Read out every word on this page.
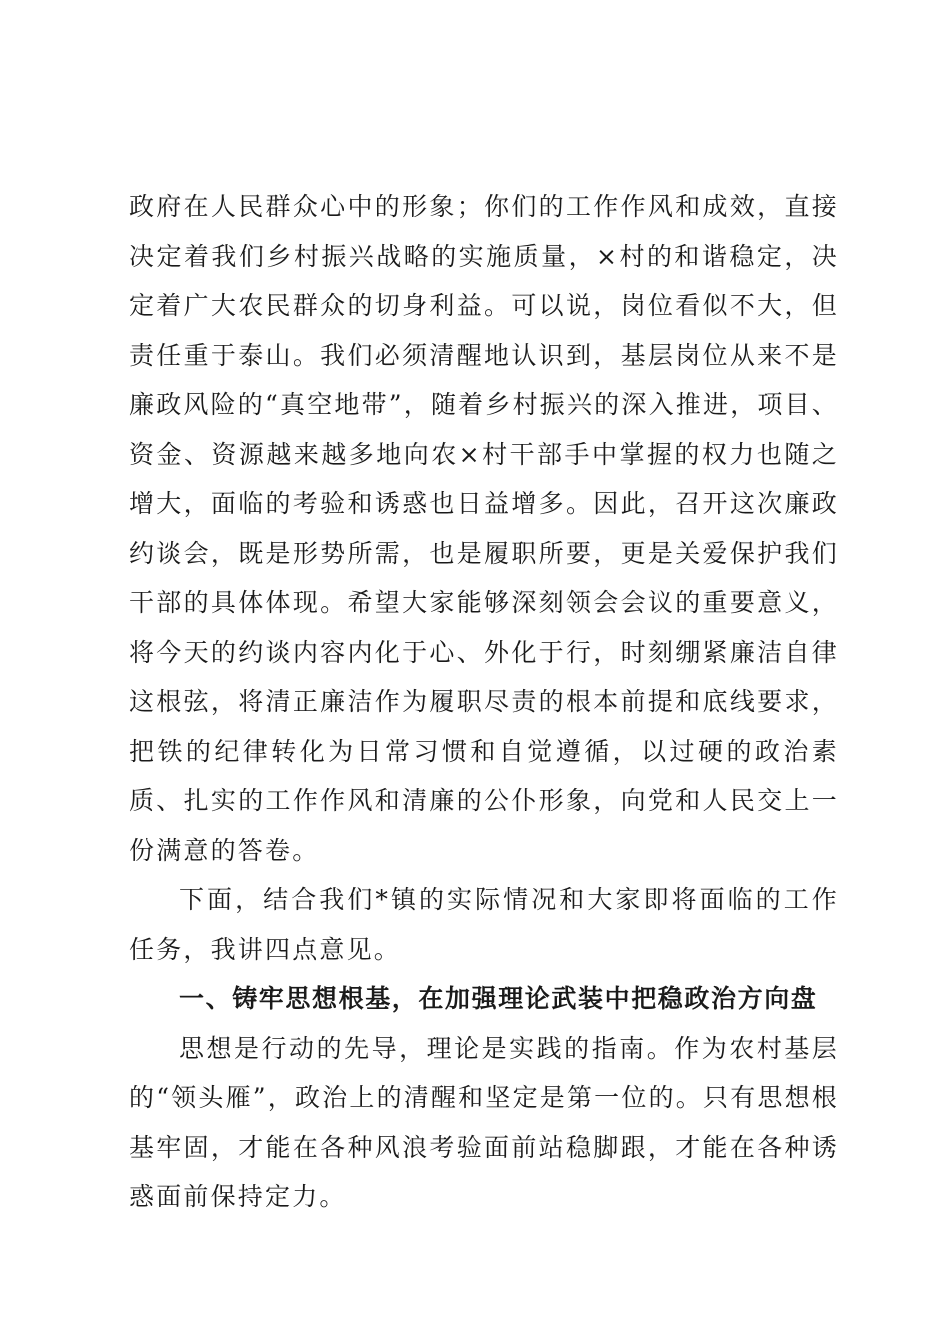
政府在人民群众心中的形象；你们的工作作风和成效，直接决定着我们乡村振兴战略的实施质量，×村的和谐稳定，决定着广大农民群众的切身利益。可以说，岗位看似不大，但责任重于泰山。我们必须清醒地认识到，基层岗位从来不是廉政风险的“真空地带”，随着乡村振兴的深入推进，项目、资金、资源越来越多地向农×村干部手中掌握的权力也随之增大，面临的考验和诱惑也日益增多。因此，召开这次廉政约谈会，既是形势所需，也是履职所要，更是关爱保护我们干部的具体体现。希望大家能够深刻领会会议的重要意义，将今天的约谈内容内化于心、外化于行，时刻绷紧廉洁自律这根弦，将清正廉洁作为履职尽责的根本前提和底线要求，把铁的纪律转化为日常习惯和自觉遵循，以过硬的政治素质、扎实的工作作风和清廉的公仆形象，向党和人民交上一份满意的答卷。

下面，结合我们*镇的实际情况和大家即将面临的工作任务，我讲四点意见。

一、铸牢思想根基，在加强理论武装中把稳政治方向盘

思想是行动的先导，理论是实践的指南。作为农村基层的“领头雁”，政治上的清醒和坚定是第一位的。只有思想根基牢固，才能在各种风浪考验面前站稳脚跟，才能在各种诱惑面前保持定力。
